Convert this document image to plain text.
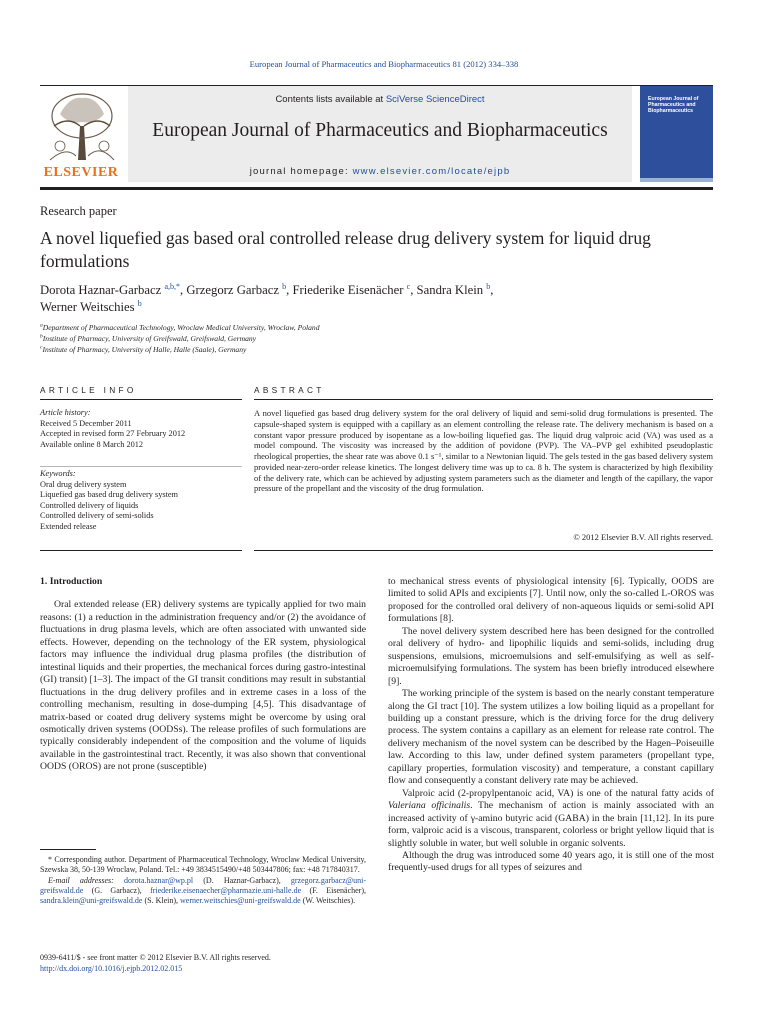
European Journal of Pharmaceutics and Biopharmaceutics 81 (2012) 334–338
ELSEVIER
Contents lists available at SciVerse ScienceDirect
European Journal of Pharmaceutics and Biopharmaceutics
journal homepage: www.elsevier.com/locate/ejpb
European Journal of Pharmaceutics and Biopharmaceutics
Research paper
A novel liquefied gas based oral controlled release drug delivery system for liquid drug formulations
Dorota Haznar-Garbacz $^{a,b,*}$, Grzegorz Garbacz $^b$, Friederike Eisenächer $^c$, Sandra Klein $^b$,
Werner Weitschies $^b$
$^a$Department of Pharmaceutical Technology, Wroclaw Medical University, Wroclaw, Poland
$^b$Institute of Pharmacy, University of Greifswald, Greifswald, Germany
$^c$Institute of Pharmacy, University of Halle, Halle (Saale), Germany
ARTICLE INFO	ABSTRACT
Article history:
Received 5 December 2011
Accepted in revised form 27 February 2012
Available online 8 March 2012
Keywords:
Oral drug delivery system
Liquefied gas based drug delivery system
Controlled delivery of liquids
Controlled delivery of semi-solids
Extended release
A novel liquefied gas based drug delivery system for the oral delivery of liquid and semi-solid drug formulations is presented. The capsule-shaped system is equipped with a capillary as an element controlling the release rate. The delivery mechanism is based on a constant vapor pressure produced by isopentane as a low-boiling liquefied gas. The liquid drug valproic acid (VA) was used as a model compound. The viscosity was increased by the addition of povidone (PVP). The VA–PVP gel exhibited pseudoplastic rheological properties, the shear rate was above 0.1 s⁻¹, similar to a Newtonian liquid. The gels tested in the gas based delivery system provided near-zero-order release kinetics. The longest delivery time was up to ca. 8 h. The system is characterized by high flexibility of the delivery rate, which can be achieved by adjusting system parameters such as the diameter and length of the capillary, the vapor pressure of the propellant and the viscosity of the drug formulation.
© 2012 Elsevier B.V. All rights reserved.
1. Introduction

Oral extended release (ER) delivery systems are typically applied for two main reasons: (1) a reduction in the administration frequency and/or (2) the avoidance of fluctuations in drug plasma levels, which are often associated with unwanted side effects. However, depending on the technology of the ER system, physiological factors may influence the individual drug plasma profiles (the distribution of intestinal liquids and their properties, the mechanical forces during gastro-intestinal (GI) transit) [1–3]. The impact of the GI transit conditions may result in substantial fluctuations in the drug delivery profiles and in extreme cases in a loss of the controlling mechanism, resulting in dose-dumping [4,5]. This disadvantage of matrix-based or coated drug delivery systems might be overcome by using oral osmotically driven systems (OODSs). The release profiles of such formulations are typically considerably independent of the composition and the volume of liquids available in the gastrointestinal tract. Recently, it was also shown that conventional OODS (OROS) are not prone (susceptible)

to mechanical stress events of physiological intensity [6]. Typically, OODS are limited to solid APIs and excipients [7]. Until now, only the so-called L-OROS was proposed for the controlled oral delivery of non-aqueous liquids or semi-solid API formulations [8].

The novel delivery system described here has been designed for the controlled oral delivery of hydro- and lipophilic liquids and semi-solids, including drug suspensions, emulsions, microemulsions and self-emulsifying as well as self-microemulsifying formulations. The system has been briefly introduced elsewhere [9].

The working principle of the system is based on the nearly constant temperature along the GI tract [10]. The system utilizes a low boiling liquid as a propellant for building up a constant pressure, which is the driving force for the drug delivery process. The system contains a capillary as an element for release rate control. The delivery mechanism of the novel system can be described by the Hagen–Poiseuille law. According to this law, under defined system parameters (propellant type, capillary properties, formulation viscosity) and temperature, a constant capillary flow and consequently a constant delivery rate may be achieved.

Valproic acid (2-propylpentanoic acid, VA) is one of the natural fatty acids of Valeriana officinalis. The mechanism of action is mainly associated with an increased activity of γ-amino butyric acid (GABA) in the brain [11,12]. In its pure form, valproic acid is a viscous, transparent, colorless or bright yellow liquid that is slightly soluble in water, but well soluble in organic solvents.

Although the drug was introduced some 40 years ago, it is still one of the most frequently-used drugs for all types of seizures and

* Corresponding author. Department of Pharmaceutical Technology, Wroclaw Medical University, Szewska 38, 50-139 Wroclaw, Poland. Tel.: +49 3834515490/+48 503447806; fax: +48 717840317.

E-mail addresses: dorota.haznar@wp.pl (D. Haznar-Garbacz), grzegorz.garbacz@uni-greifswald.de (G. Garbacz), friederike.eisenaecher@pharmazie.uni-halle.de (F. Eisenächer), sandra.klein@uni-greifswald.de (S. Klein), werner.weitschies@uni-greifswald.de (W. Weitschies).

0939-6411/$ - see front matter © 2012 Elsevier B.V. All rights reserved.
http://dx.doi.org/10.1016/j.ejpb.2012.02.015
